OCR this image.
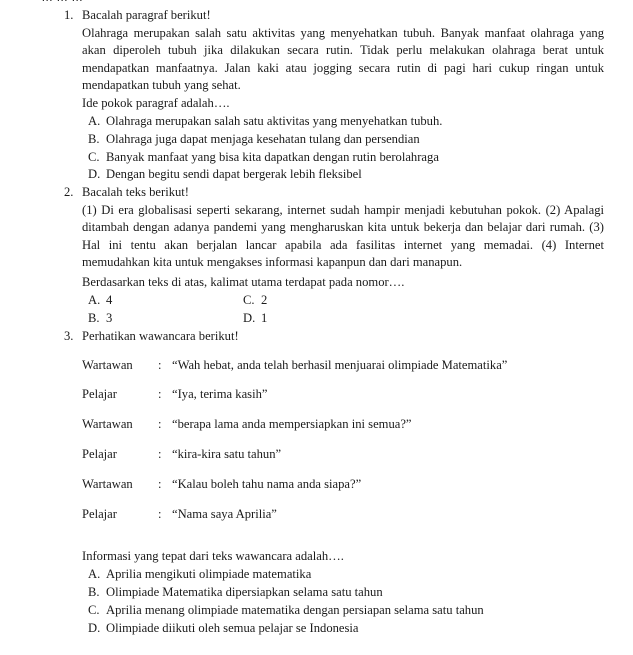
1. Bacalah paragraf berikut!
Olahraga merupakan salah satu aktivitas yang menyehatkan tubuh. Banyak manfaat olahraga yang akan diperoleh tubuh jika dilakukan secara rutin. Tidak perlu melakukan olahraga berat untuk mendapatkan manfaatnya. Jalan kaki atau jogging secara rutin di pagi hari cukup ringan untuk mendapatkan tubuh yang sehat.
Ide pokok paragraf adalah….
A. Olahraga merupakan salah satu aktivitas yang menyehatkan tubuh.
B. Olahraga juga dapat menjaga kesehatan tulang dan persendian
C. Banyak manfaat yang bisa kita dapatkan dengan rutin berolahraga
D. Dengan begitu sendi dapat bergerak lebih fleksibel
2. Bacalah teks berikut!
(1) Di era globalisasi seperti sekarang, internet sudah hampir menjadi kebutuhan pokok. (2) Apalagi ditambah dengan adanya pandemi yang mengharuskan kita untuk bekerja dan belajar dari rumah. (3) Hal ini tentu akan berjalan lancar apabila ada fasilitas internet yang memadai. (4) Internet memudahkan kita untuk mengakses informasi kapanpun dan dari manapun.
Berdasarkan teks di atas, kalimat utama terdapat pada nomor….
A. 4	C. 2
B. 3	D. 1
3. Perhatikan wawancara berikut!
Wartawan : “Wah hebat, anda telah berhasil menjuarai olimpiade Matematika”
Pelajar	: “Iya, terima kasih”
Wartawan : “berapa lama anda mempersiapkan ini semua?”
Pelajar	: “kira-kira satu tahun”
Wartawan : “Kalau boleh tahu nama anda siapa?”
Pelajar	: “Nama saya Aprilia”
Informasi yang tepat dari teks wawancara adalah….
A. Aprilia mengikuti olimpiade matematika
B. Olimpiade Matematika dipersiapkan selama satu tahun
C. Aprilia menang olimpiade matematika dengan persiapan selama satu tahun
D. Olimpiade diikuti oleh semua pelajar se Indonesia
